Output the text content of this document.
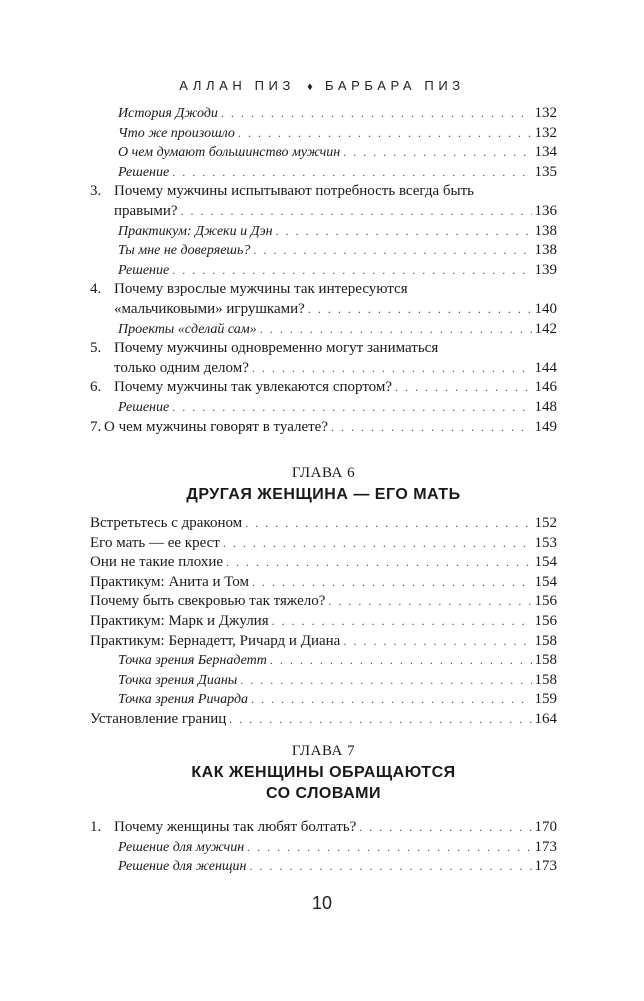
АЛЛАН ПИЗ ♦ БАРБАРА ПИЗ
История Джоди . . .	132
Что же произошло . . .	132
О чем думают большинство мужчин . . .	134
Решение . . .	135
3. Почему мужчины испытывают потребность всегда быть
правыми? . . .	136
Практикум: Джеки и Дэн . . .	138
Ты мне не доверяешь? . . .	138
Решение . . .	139
4. Почему взрослые мужчины так интересуются
«мальчиковыми» игрушками? . . .	140
Проекты «сделай сам» . . .	142
5. Почему мужчины одновременно могут заниматься
только одним делом? . . .	144
6. Почему мужчины так увлекаются спортом? . . .	146
Решение . . .	148
7. О чем мужчины говорят в туалете? . . .	149
ГЛАВА 6
ДРУГАЯ ЖЕНЩИНА — ЕГО МАТЬ
Встретьтесь с драконом . . .	152
Его мать — ее крест . . .	153
Они не такие плохие . . .	154
Практикум: Анита и Том . . .	154
Почему быть свекровью так тяжело? . . .	156
Практикум: Марк и Джулия . . .	156
Практикум: Бернадетт, Ричард и Диана . . .	158
Точка зрения Бернадетт . . .	158
Точка зрения Дианы . . .	158
Точка зрения Ричарда . . .	159
Установление границ . . .	164
ГЛАВА 7
КАК ЖЕНЩИНЫ ОБРАЩАЮТСЯ
СО СЛОВАМИ
1. Почему женщины так любят болтать? . . .	170
Решение для мужчин . . .	173
Решение для женщин . . .	173
10
